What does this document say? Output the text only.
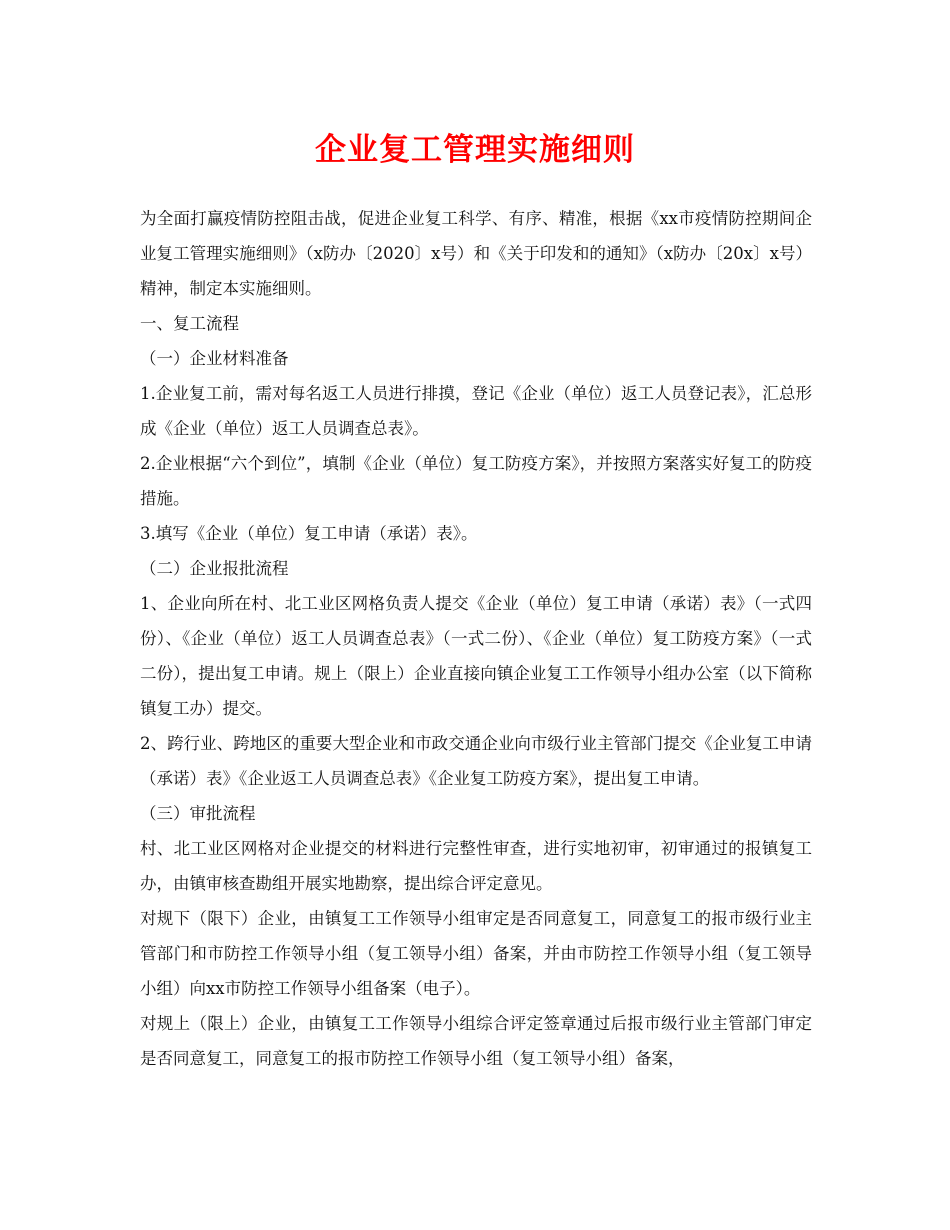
企业复工管理实施细则

为全面打赢疫情防控阻击战，促进企业复工科学、有序、精准，根据《xx市疫情防控期间企业复工管理实施细则》（x防办〔2020〕x号）和《关于印发和的通知》（x防办〔20x〕x号）精神，制定本实施细则。

一、复工流程

（一）企业材料准备

1.企业复工前，需对每名返工人员进行排摸，登记《企业（单位）返工人员登记表》，汇总形成《企业（单位）返工人员调查总表》。

2.企业根据“六个到位”，填制《企业（单位）复工防疫方案》，并按照方案落实好复工的防疫措施。

3.填写《企业（单位）复工申请（承诺）表》。

（二）企业报批流程

1、企业向所在村、北工业区网格负责人提交《企业（单位）复工申请（承诺）表》（一式四份）、《企业（单位）返工人员调查总表》（一式二份）、《企业（单位）复工防疫方案》（一式二份），提出复工申请。规上（限上）企业直接向镇企业复工工作领导小组办公室（以下简称镇复工办）提交。

2、跨行业、跨地区的重要大型企业和市政交通企业向市级行业主管部门提交《企业复工申请（承诺）表》《企业返工人员调查总表》《企业复工防疫方案》，提出复工申请。

（三）审批流程

村、北工业区网格对企业提交的材料进行完整性审查，进行实地初审，初审通过的报镇复工办，由镇审核查勘组开展实地勘察，提出综合评定意见。

对规下（限下）企业，由镇复工工作领导小组审定是否同意复工，同意复工的报市级行业主管部门和市防控工作领导小组（复工领导小组）备案，并由市防控工作领导小组（复工领导小组）向xx市防控工作领导小组备案（电子）。

对规上（限上）企业，由镇复工工作领导小组综合评定签章通过后报市级行业主管部门审定是否同意复工，同意复工的报市防控工作领导小组（复工领导小组）备案，
